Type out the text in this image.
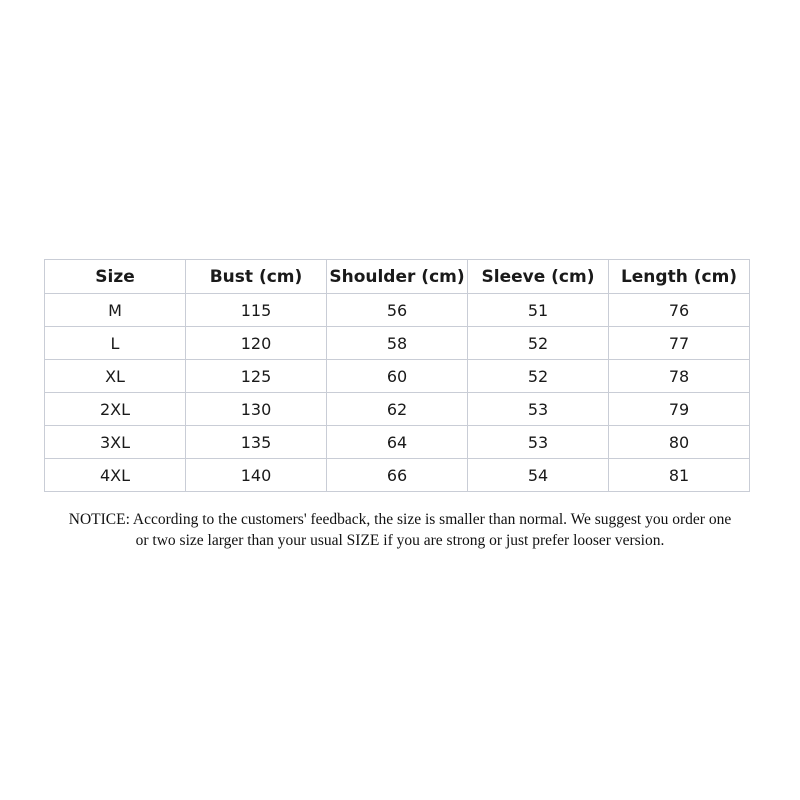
Size	Bust (cm)	Shoulder (cm)	Sleeve (cm)	Length (cm)
M	115	56	51	76
L	120	58	52	77
XL	125	60	52	78
2XL	130	62	53	79
3XL	135	64	53	80
4XL	140	66	54	81
NOTICE: According to the customers' feedback, the size is smaller than normal. We suggest you order one
or two size larger than your usual SIZE if you are strong or just prefer looser version.
